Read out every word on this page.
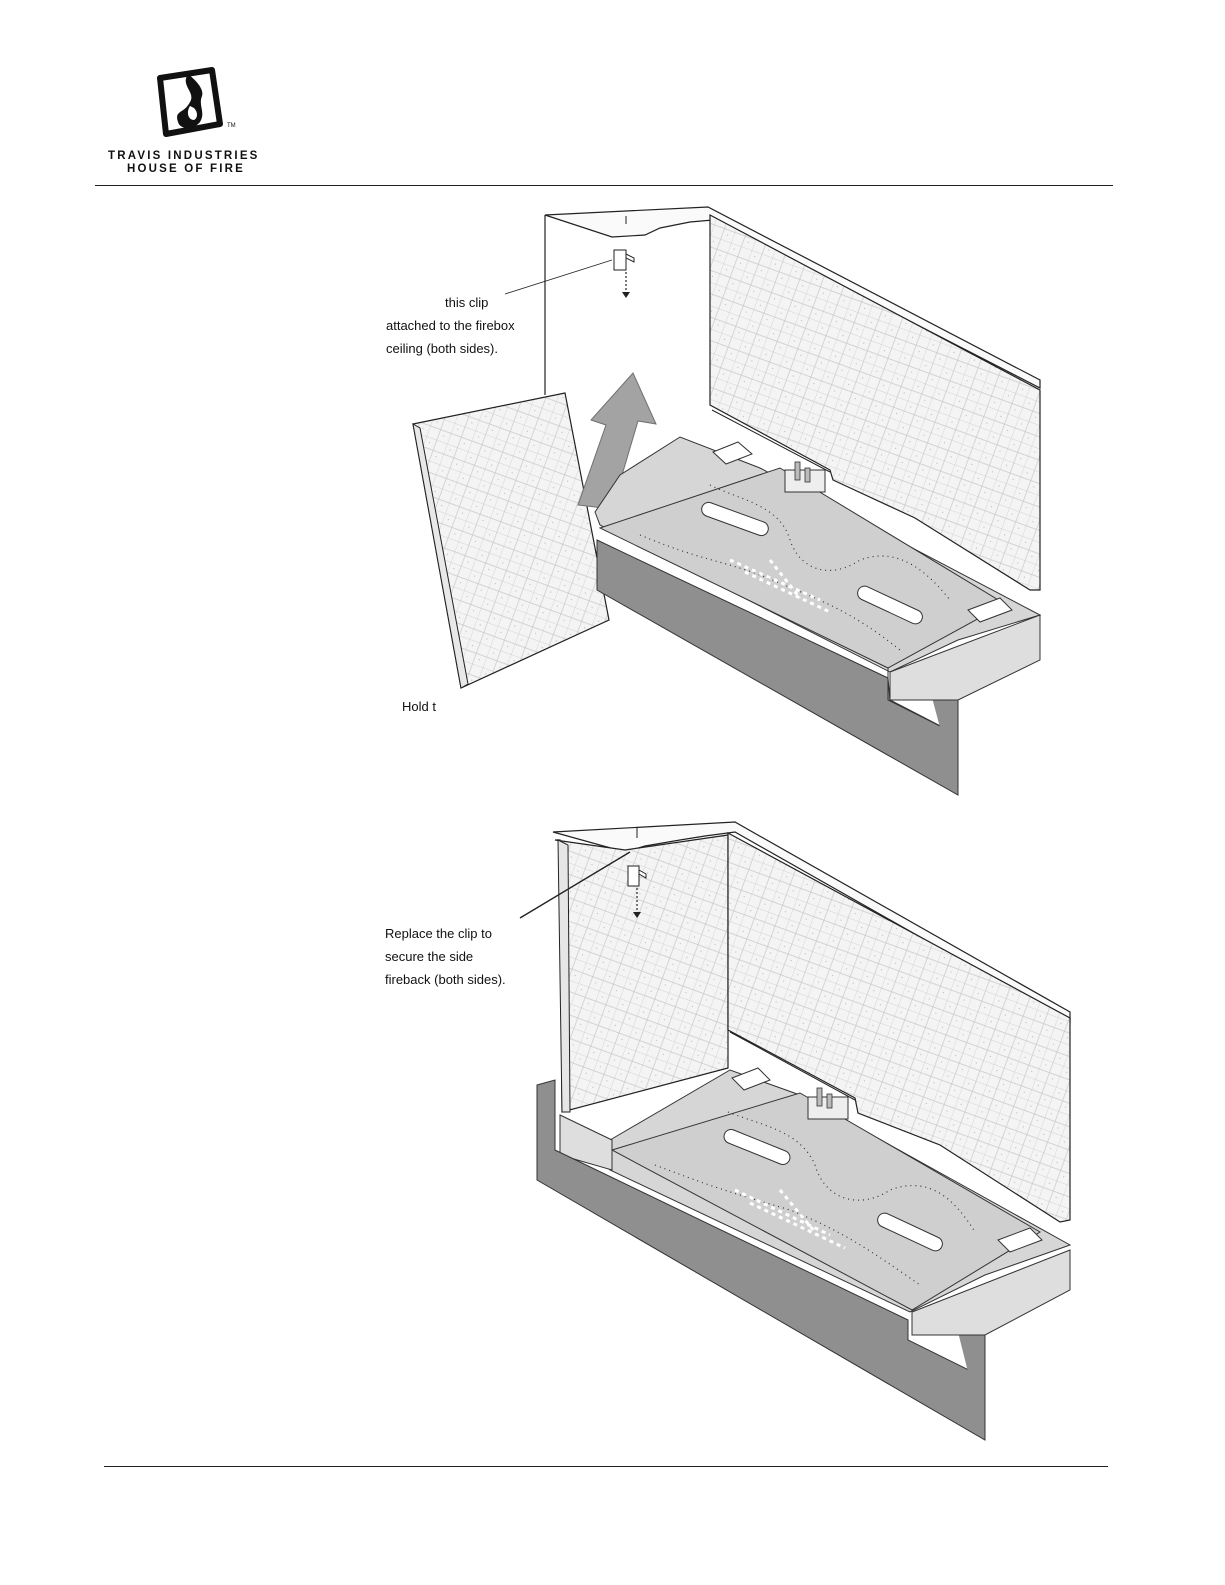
TM
TRAVIS INDUSTRIES
HOUSE OF FIRE
this clip
attached to the firebox
ceiling (both sides).
Hold t
Replace the clip to
secure the side
fireback (both sides).
